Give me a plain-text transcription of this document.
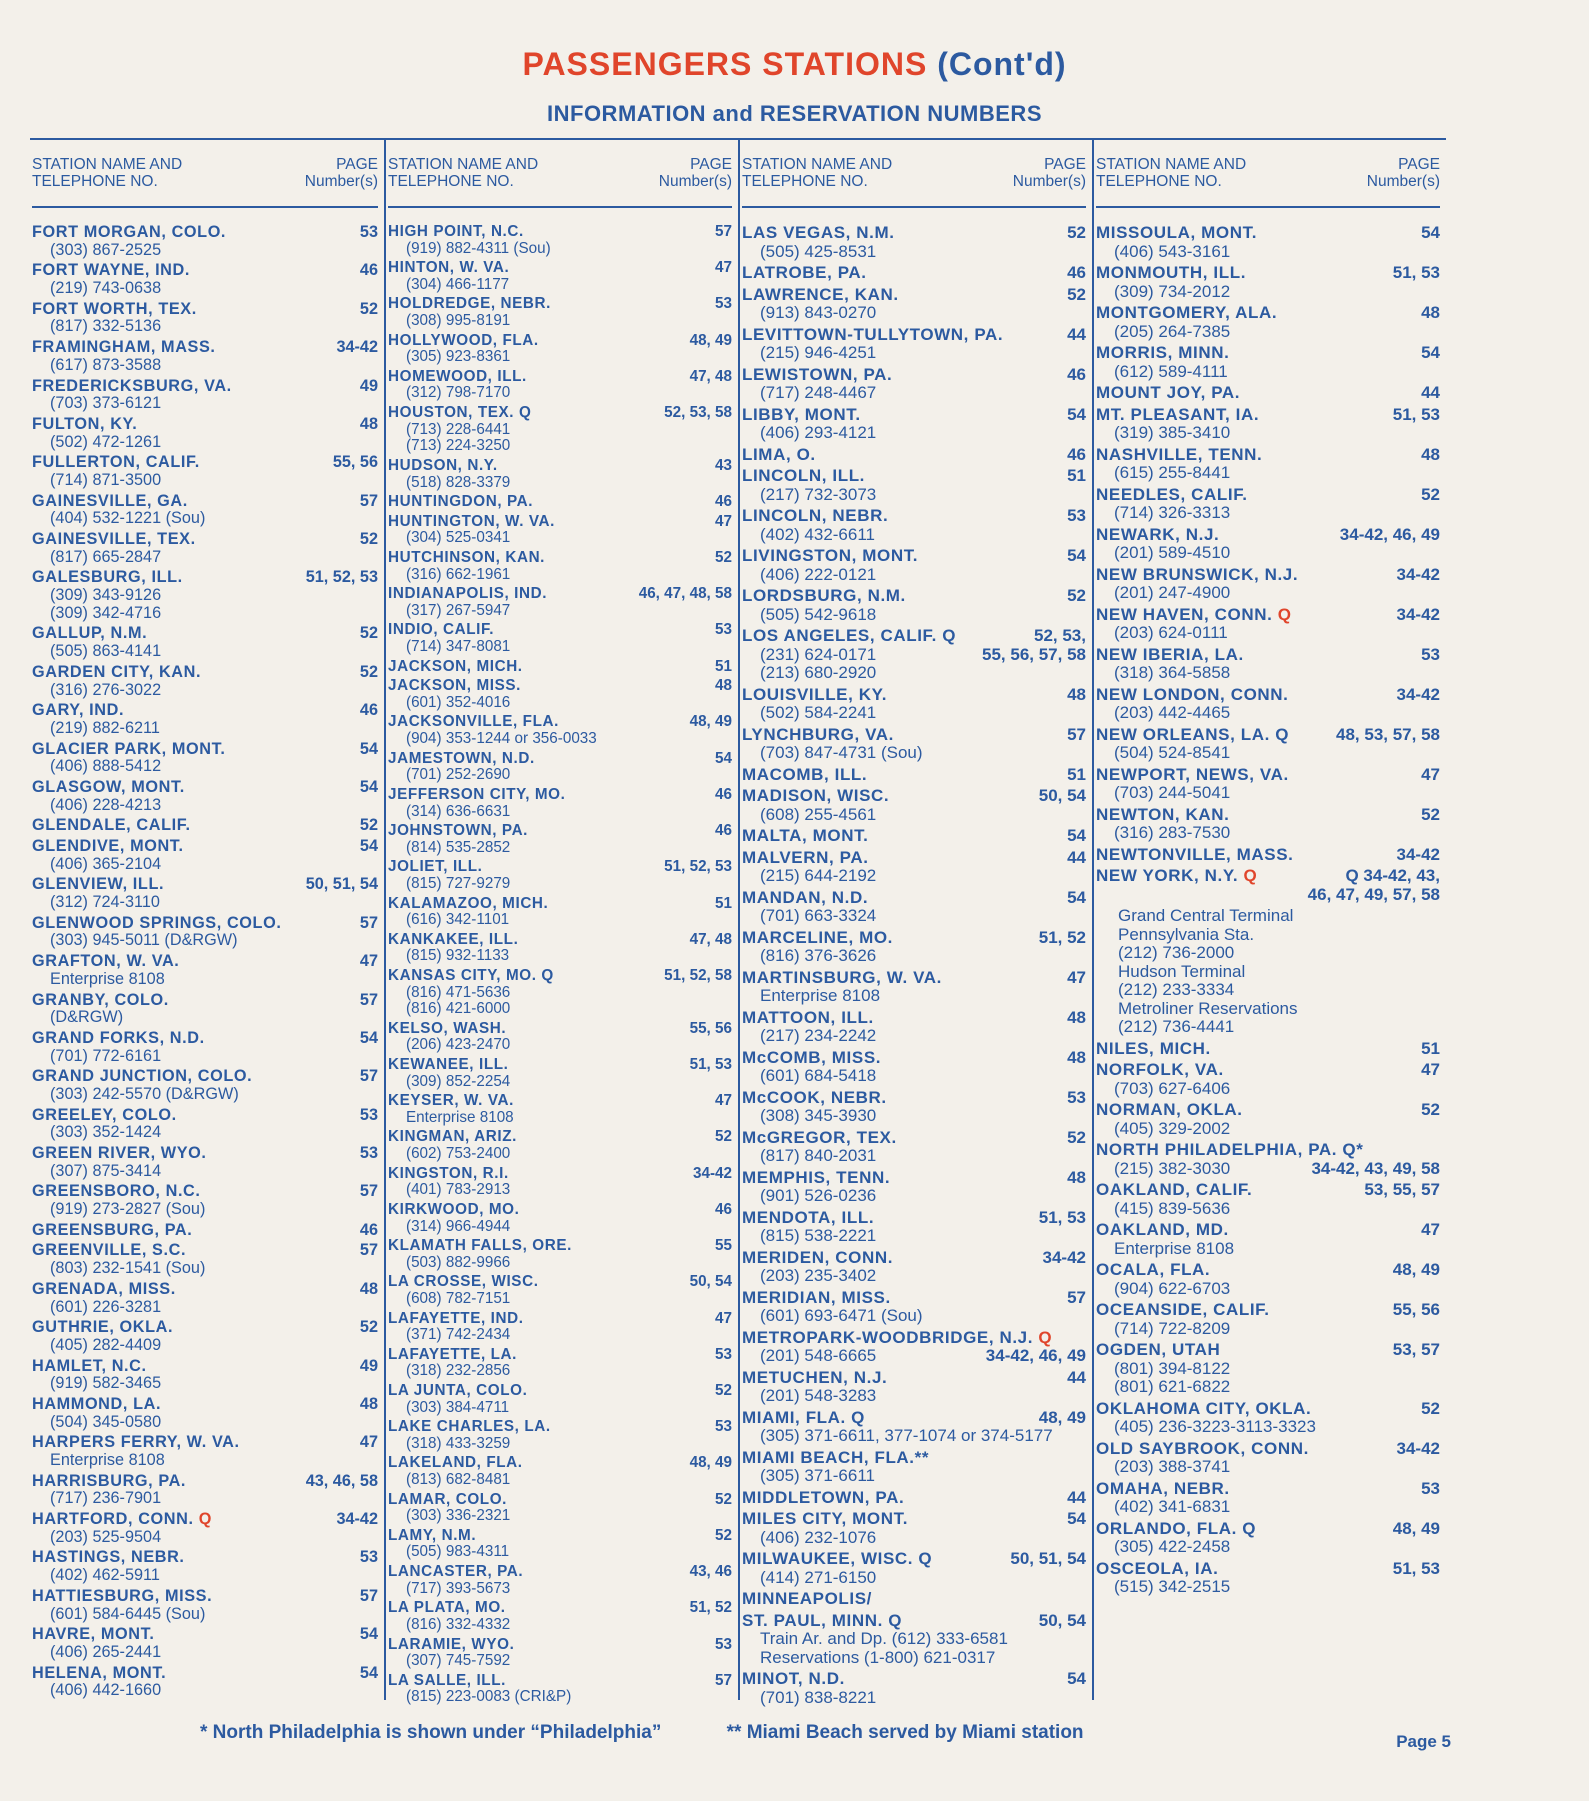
PASSENGERS STATIONS (Cont'd)
INFORMATION and RESERVATION NUMBERS
STATION NAME AND
TELEPHONE NO.
PAGE
Number(s)
FORT MORGAN, COLO.	53
(303) 867-2525
FORT WAYNE, IND.	46
(219) 743-0638
FORT WORTH, TEX.	52
(817) 332-5136
FRAMINGHAM, MASS.	34-42
(617) 873-3588
FREDERICKSBURG, VA.	49
(703) 373-6121
FULTON, KY.	48
(502) 472-1261
FULLERTON, CALIF.	55, 56
(714) 871-3500
GAINESVILLE, GA.	57
(404) 532-1221 (Sou)
GAINESVILLE, TEX.	52
(817) 665-2847
GALESBURG, ILL.	51, 52, 53
(309) 343-9126
(309) 342-4716
GALLUP, N.M.	52
(505) 863-4141
GARDEN CITY, KAN.	52
(316) 276-3022
GARY, IND.	46
(219) 882-6211
GLACIER PARK, MONT.	54
(406) 888-5412
GLASGOW, MONT.	54
(406) 228-4213
GLENDALE, CALIF.	52
GLENDIVE, MONT.	54
(406) 365-2104
GLENVIEW, ILL.	50, 51, 54
(312) 724-3110
GLENWOOD SPRINGS, COLO.	57
(303) 945-5011 (D&RGW)
GRAFTON, W. VA.	47
Enterprise 8108
GRANBY, COLO.	57
(D&RGW)
GRAND FORKS, N.D.	54
(701) 772-6161
GRAND JUNCTION, COLO.	57
(303) 242-5570 (D&RGW)
GREELEY, COLO.	53
(303) 352-1424
GREEN RIVER, WYO.	53
(307) 875-3414
GREENSBORO, N.C.	57
(919) 273-2827 (Sou)
GREENSBURG, PA.	46
GREENVILLE, S.C.	57
(803) 232-1541 (Sou)
GRENADA, MISS.	48
(601) 226-3281
GUTHRIE, OKLA.	52
(405) 282-4409
HAMLET, N.C.	49
(919) 582-3465
HAMMOND, LA.	48
(504) 345-0580
HARPERS FERRY, W. VA.	47
Enterprise 8108
HARRISBURG, PA.	43, 46, 58
(717) 236-7901
HARTFORD, CONN. Q	34-42
(203) 525-9504
HASTINGS, NEBR.	53
(402) 462-5911
HATTIESBURG, MISS.	57
(601) 584-6445 (Sou)
HAVRE, MONT.	54
(406) 265-2441
HELENA, MONT.	54
(406) 442-1660
STATION NAME AND
TELEPHONE NO.
PAGE
Number(s)
HIGH POINT, N.C.	57
(919) 882-4311 (Sou)
HINTON, W. VA.	47
(304) 466-1177
HOLDREDGE, NEBR.	53
(308) 995-8191
HOLLYWOOD, FLA.	48, 49
(305) 923-8361
HOMEWOOD, ILL.	47, 48
(312) 798-7170
HOUSTON, TEX. Q	52, 53, 58
(713) 228-6441
(713) 224-3250
HUDSON, N.Y.	43
(518) 828-3379
HUNTINGDON, PA.	46
HUNTINGTON, W. VA.	47
(304) 525-0341
HUTCHINSON, KAN.	52
(316) 662-1961
INDIANAPOLIS, IND.	46, 47, 48, 58
(317) 267-5947
INDIO, CALIF.	53
(714) 347-8081
JACKSON, MICH.	51
JACKSON, MISS.	48
(601) 352-4016
JACKSONVILLE, FLA.	48, 49
(904) 353-1244 or 356-0033
JAMESTOWN, N.D.	54
(701) 252-2690
JEFFERSON CITY, MO.	46
(314) 636-6631
JOHNSTOWN, PA.	46
(814) 535-2852
JOLIET, ILL.	51, 52, 53
(815) 727-9279
KALAMAZOO, MICH.	51
(616) 342-1101
KANKAKEE, ILL.	47, 48
(815) 932-1133
KANSAS CITY, MO. Q	51, 52, 58
(816) 471-5636
(816) 421-6000
KELSO, WASH.	55, 56
(206) 423-2470
KEWANEE, ILL.	51, 53
(309) 852-2254
KEYSER, W. VA.	47
Enterprise 8108
KINGMAN, ARIZ.	52
(602) 753-2400
KINGSTON, R.I.	34-42
(401) 783-2913
KIRKWOOD, MO.	46
(314) 966-4944
KLAMATH FALLS, ORE.	55
(503) 882-9966
LA CROSSE, WISC.	50, 54
(608) 782-7151
LAFAYETTE, IND.	47
(371) 742-2434
LAFAYETTE, LA.	53
(318) 232-2856
LA JUNTA, COLO.	52
(303) 384-4711
LAKE CHARLES, LA.	53
(318) 433-3259
LAKELAND, FLA.	48, 49
(813) 682-8481
LAMAR, COLO.	52
(303) 336-2321
LAMY, N.M.	52
(505) 983-4311
LANCASTER, PA.	43, 46
(717) 393-5673
LA PLATA, MO.	51, 52
(816) 332-4332
LARAMIE, WYO.	53
(307) 745-7592
LA SALLE, ILL.	57
(815) 223-0083 (CRI&P)
STATION NAME AND
TELEPHONE NO.
PAGE
Number(s)
LAS VEGAS, N.M.	52
(505) 425-8531
LATROBE, PA.	46
LAWRENCE, KAN.	52
(913) 843-0270
LEVITTOWN-TULLYTOWN, PA.	44
(215) 946-4251
LEWISTOWN, PA.	46
(717) 248-4467
LIBBY, MONT.	54
(406) 293-4121
LIMA, O.	46
LINCOLN, ILL.	51
(217) 732-3073
LINCOLN, NEBR.	53
(402) 432-6611
LIVINGSTON, MONT.	54
(406) 222-0121
LORDSBURG, N.M.	52
(505) 542-9618
LOS ANGELES, CALIF. Q	52, 53,
(231) 624-0171	55, 56, 57, 58
(213) 680-2920
LOUISVILLE, KY.	48
(502) 584-2241
LYNCHBURG, VA.	57
(703) 847-4731 (Sou)
MACOMB, ILL.	51
MADISON, WISC.	50, 54
(608) 255-4561
MALTA, MONT.	54
MALVERN, PA.	44
(215) 644-2192
MANDAN, N.D.	54
(701) 663-3324
MARCELINE, MO.	51, 52
(816) 376-3626
MARTINSBURG, W. VA.	47
Enterprise 8108
MATTOON, ILL.	48
(217) 234-2242
McCOMB, MISS.	48
(601) 684-5418
McCOOK, NEBR.	53
(308) 345-3930
McGREGOR, TEX.	52
(817) 840-2031
MEMPHIS, TENN.	48
(901) 526-0236
MENDOTA, ILL.	51, 53
(815) 538-2221
MERIDEN, CONN.	34-42
(203) 235-3402
MERIDIAN, MISS.	57
(601) 693-6471 (Sou)
METROPARK-WOODBRIDGE, N.J. Q
(201) 548-6665	34-42, 46, 49
METUCHEN, N.J.	44
(201) 548-3283
MIAMI, FLA. Q	48, 49
(305) 371-6611, 377-1074 or 374-5177
MIAMI BEACH, FLA.**
(305) 371-6611
MIDDLETOWN, PA.	44
MILES CITY, MONT.	54
(406) 232-1076
MILWAUKEE, WISC. Q	50, 51, 54
(414) 271-6150
MINNEAPOLIS/
ST. PAUL, MINN. Q	50, 54
Train Ar. and Dp. (612) 333-6581
Reservations (1-800) 621-0317
MINOT, N.D.	54
(701) 838-8221
STATION NAME AND
TELEPHONE NO.
PAGE
Number(s)
MISSOULA, MONT.	54
(406) 543-3161
MONMOUTH, ILL.	51, 53
(309) 734-2012
MONTGOMERY, ALA.	48
(205) 264-7385
MORRIS, MINN.	54
(612) 589-4111
MOUNT JOY, PA.	44
MT. PLEASANT, IA.	51, 53
(319) 385-3410
NASHVILLE, TENN.	48
(615) 255-8441
NEEDLES, CALIF.	52
(714) 326-3313
NEWARK, N.J.	34-42, 46, 49
(201) 589-4510
NEW BRUNSWICK, N.J.	34-42
(201) 247-4900
NEW HAVEN, CONN. Q	34-42
(203) 624-0111
NEW IBERIA, LA.	53
(318) 364-5858
NEW LONDON, CONN.	34-42
(203) 442-4465
NEW ORLEANS, LA. Q	48, 53, 57, 58
(504) 524-8541
NEWPORT, NEWS, VA.	47
(703) 244-5041
NEWTON, KAN.	52
(316) 283-7530
NEWTONVILLE, MASS.	34-42
NEW YORK, N.Y. Q	Q 34-42, 43,
46, 47, 49, 57, 58
Grand Central Terminal
Pennsylvania Sta.
(212) 736-2000
Hudson Terminal
(212) 233-3334
Metroliner Reservations
(212) 736-4441
NILES, MICH.	51
NORFOLK, VA.	47
(703) 627-6406
NORMAN, OKLA.	52
(405) 329-2002
NORTH PHILADELPHIA, PA. Q*
(215) 382-3030	34-42, 43, 49, 58
OAKLAND, CALIF.	53, 55, 57
(415) 839-5636
OAKLAND, MD.	47
Enterprise 8108
OCALA, FLA.	48, 49
(904) 622-6703
OCEANSIDE, CALIF.	55, 56
(714) 722-8209
OGDEN, UTAH	53, 57
(801) 394-8122
(801) 621-6822
OKLAHOMA CITY, OKLA.	52
(405) 236-3223-3113-3323
OLD SAYBROOK, CONN.	34-42
(203) 388-3741
OMAHA, NEBR.	53
(402) 341-6831
ORLANDO, FLA. Q	48, 49
(305) 422-2458
OSCEOLA, IA.	51, 53
(515) 342-2515
* North Philadelphia is shown under “Philadelphia”	** Miami Beach served by Miami station	Page 5
